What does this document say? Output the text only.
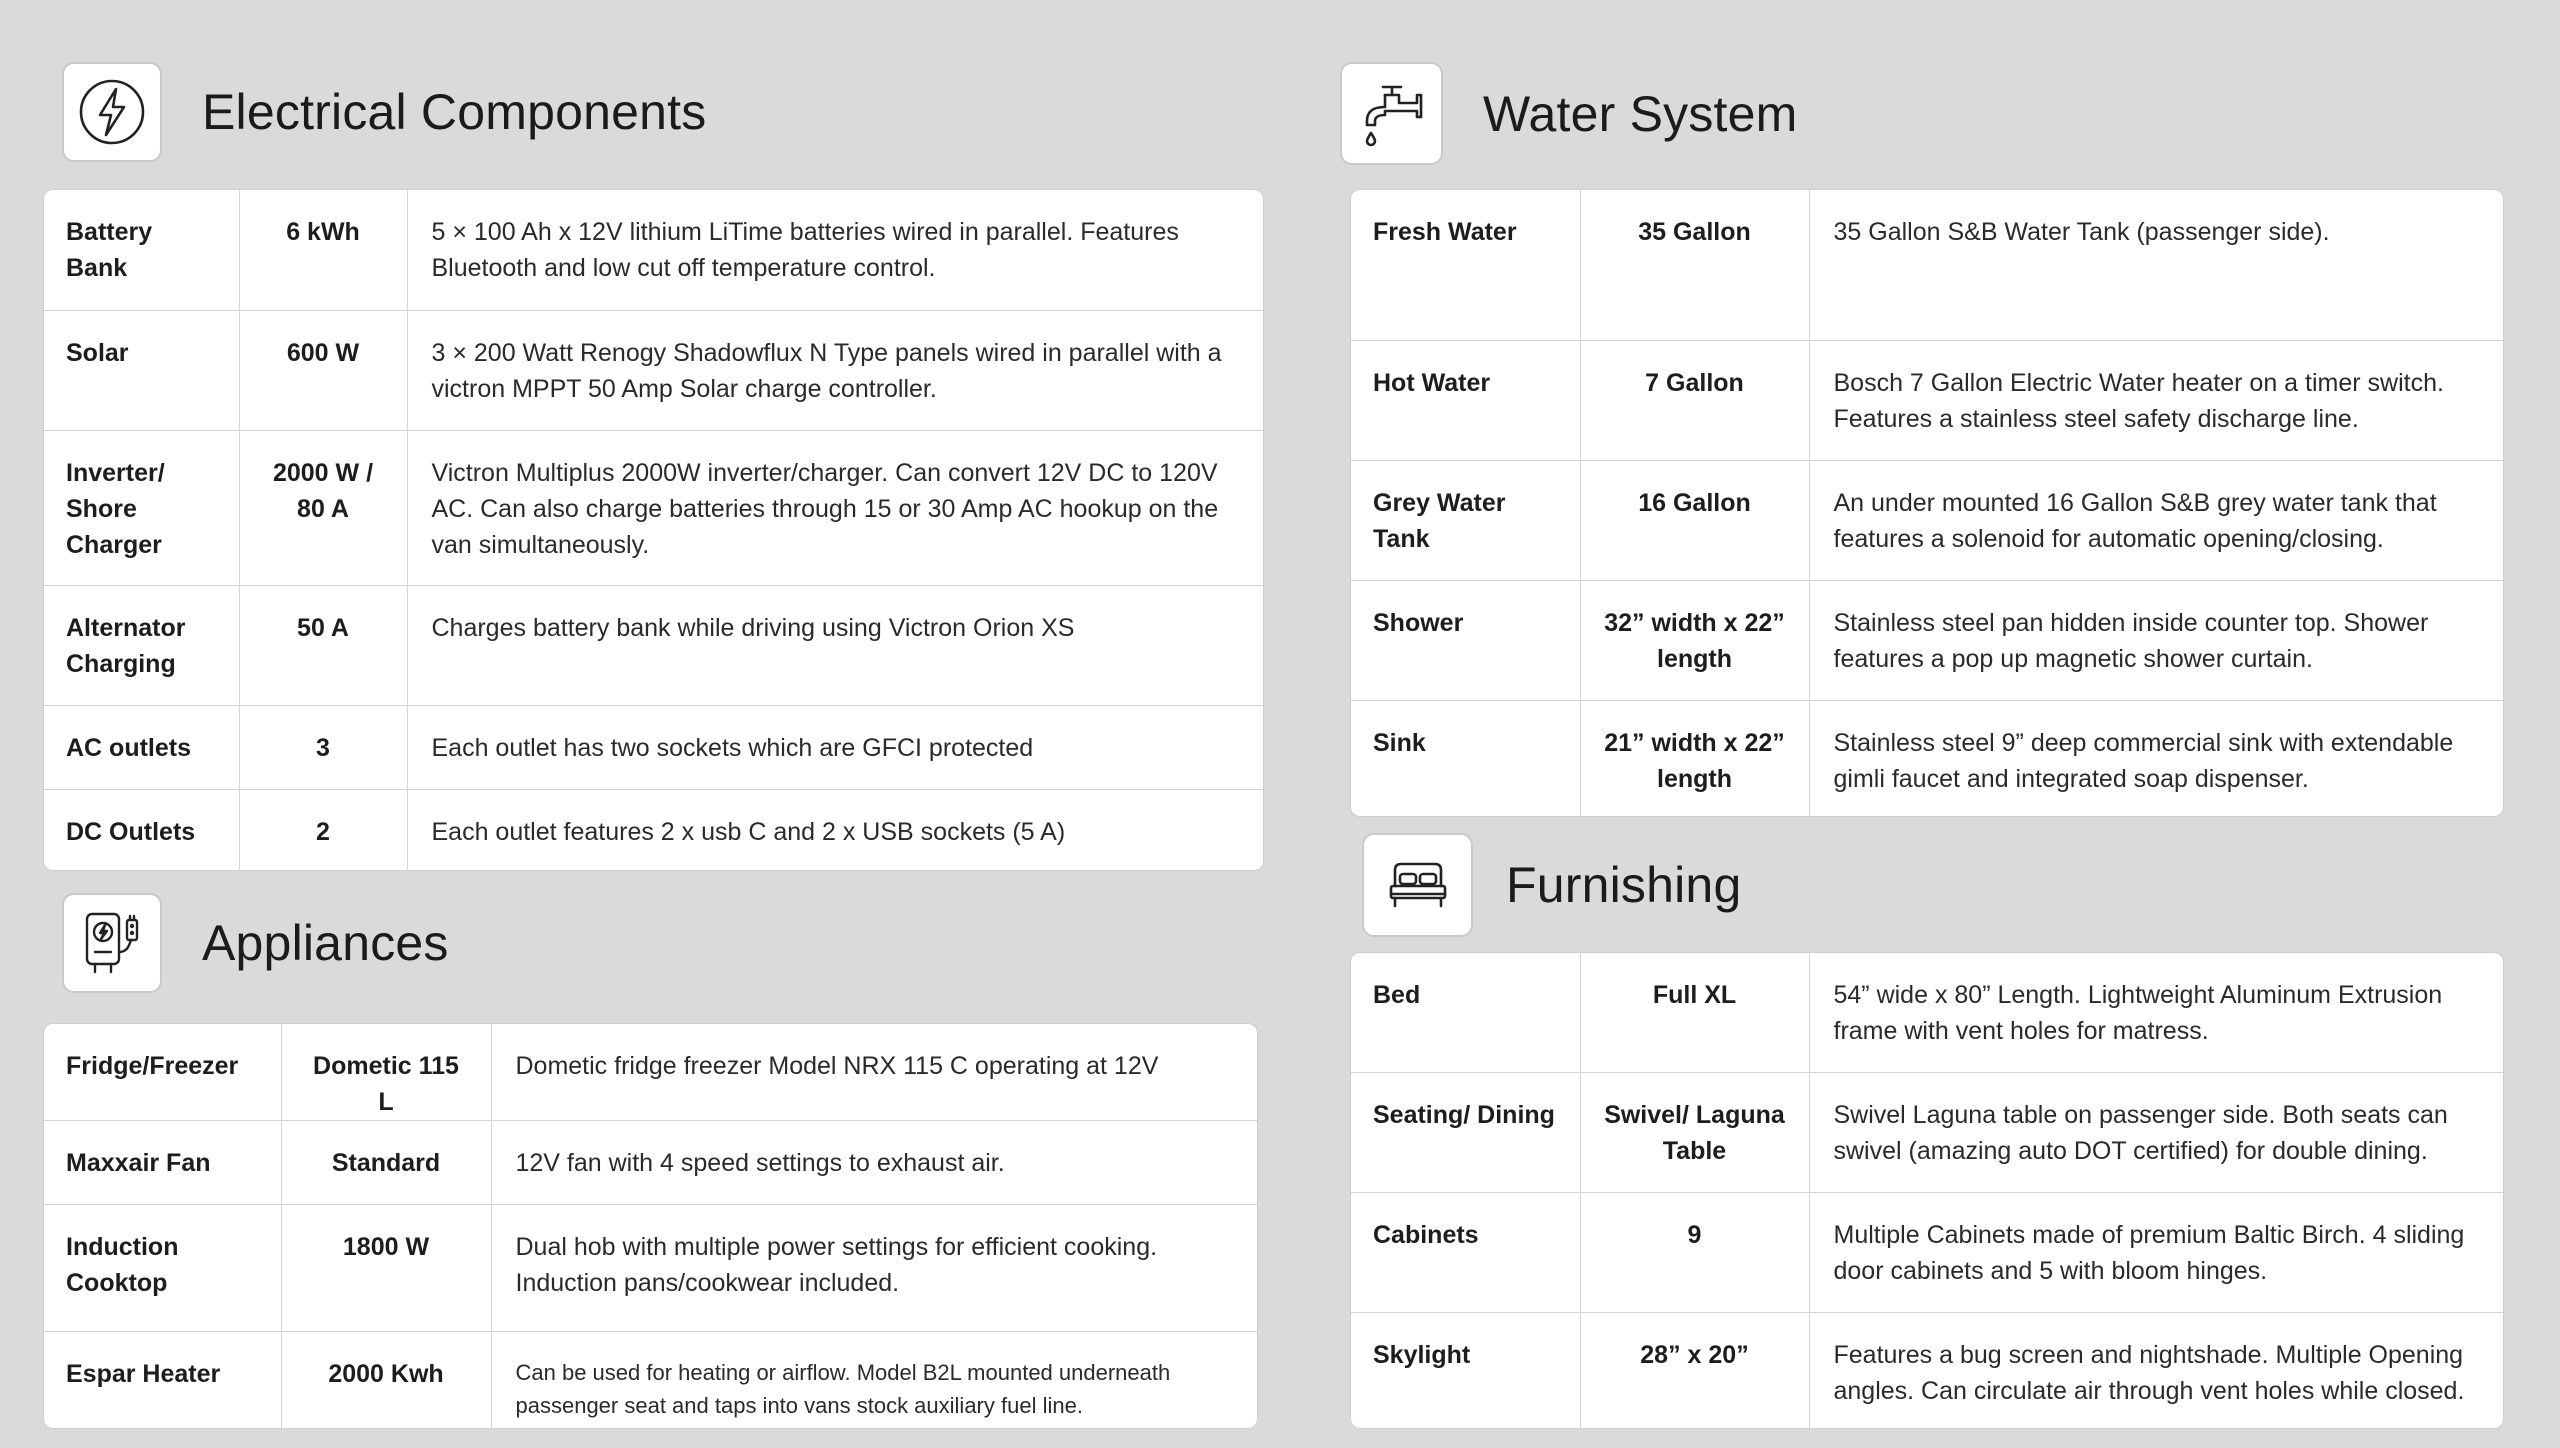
Electrical Components
Battery Bank	6 kWh	5 × 100 Ah x 12V lithium LiTime batteries wired in parallel. Features Bluetooth and low cut off temperature control.
Solar	600 W	3 × 200 Watt Renogy Shadowflux N Type panels wired in parallel with a victron MPPT 50 Amp Solar charge controller.
Inverter/ Shore Charger	2000 W / 80 A	Victron Multiplus 2000W inverter/charger. Can convert 12V DC to 120V AC. Can also charge batteries through 15 or 30 Amp AC hookup on the van simultaneously.
Alternator Charging	50 A	Charges battery bank while driving using Victron Orion XS
AC outlets	3	Each outlet has two sockets which are GFCI protected
DC Outlets	2	Each outlet features 2 x usb C and 2 x USB sockets (5 A)
Appliances
Fridge/Freezer	Dometic 115 L	Dometic fridge freezer Model NRX 115 C operating at 12V
Maxxair Fan	Standard	12V fan with 4 speed settings to exhaust air.
Induction Cooktop	1800 W	Dual hob with multiple power settings for efficient cooking. Induction pans/cookwear included.
Espar Heater	2000 Kwh	Can be used for heating or airflow. Model B2L mounted underneath passenger seat and taps into vans stock auxiliary fuel line.
Water System
Fresh Water	35 Gallon	35 Gallon S&B Water Tank (passenger side).
Hot Water	7 Gallon	Bosch 7 Gallon Electric Water heater on a timer switch. Features a stainless steel safety discharge line.
Grey Water Tank	16 Gallon	An under mounted 16 Gallon S&B grey water tank that features a solenoid for automatic opening/closing.
Shower	32” width x 22” length	Stainless steel pan hidden inside counter top. Shower features a pop up magnetic shower curtain.
Sink	21” width x 22” length	Stainless steel 9” deep commercial sink with extendable gimli faucet and integrated soap dispenser.
Furnishing
Bed	Full XL	54” wide x 80” Length. Lightweight Aluminum Extrusion frame with vent holes for matress.
Seating/ Dining	Swivel/ Laguna Table	Swivel Laguna table on passenger side. Both seats can swivel (amazing auto DOT certified) for double dining.
Cabinets	9	Multiple Cabinets made of premium Baltic Birch. 4 sliding door cabinets and 5 with bloom hinges.
Skylight	28” x 20”	Features a bug screen and nightshade. Multiple Opening angles. Can circulate air through vent holes while closed.
